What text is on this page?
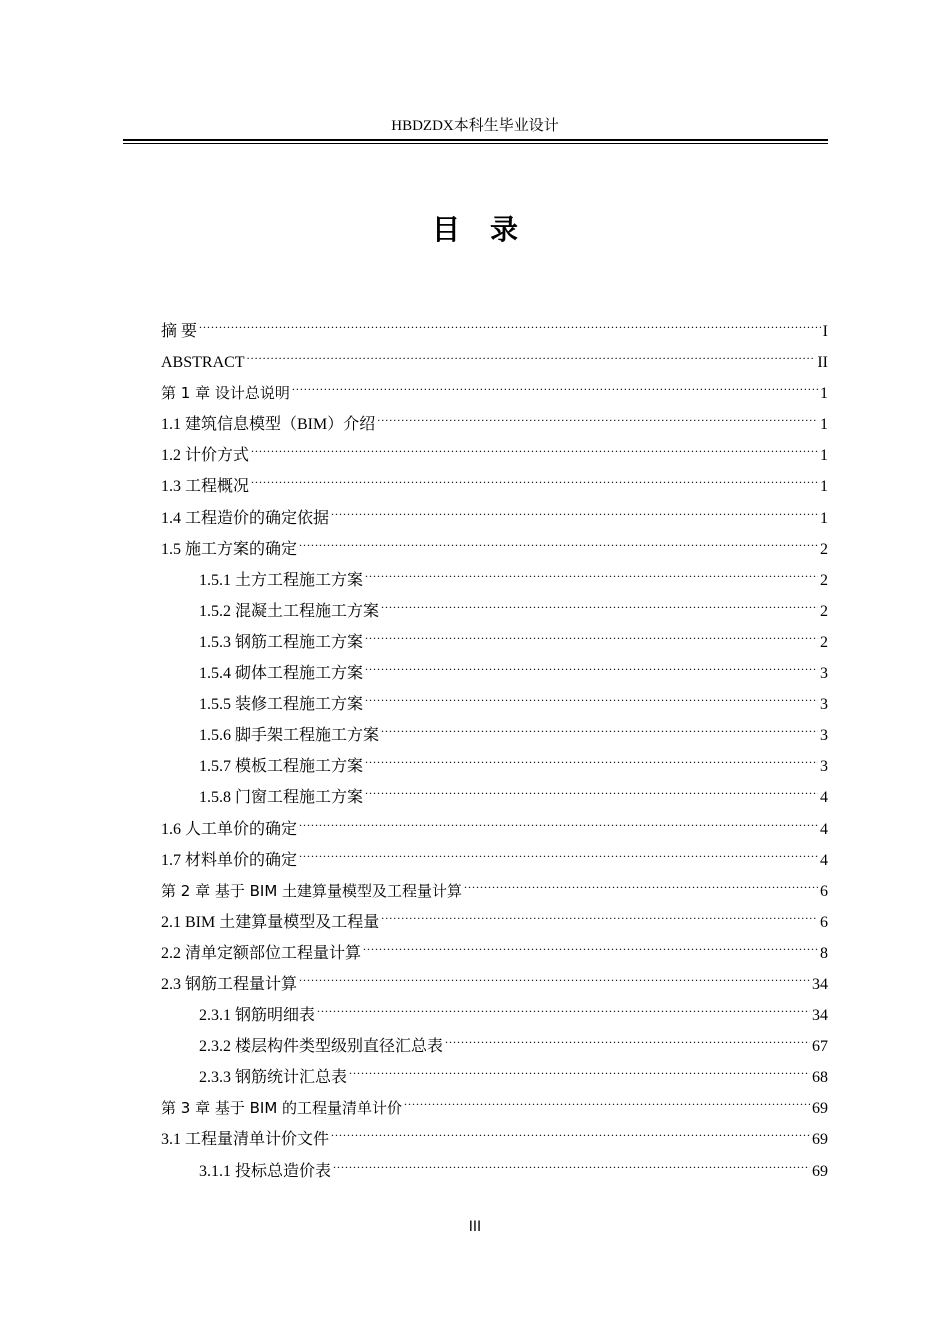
HBDZDX本科生毕业设计
目录
摘 要 .....	I
ABSTRACT .....	II
第 1 章 设计总说明 .....	1
1.1 建筑信息模型（BIM）介绍 .....	1
1.2 计价方式 .....	1
1.3 工程概况 .....	1
1.4 工程造价的确定依据 .....	1
1.5 施工方案的确定 .....	2
1.5.1 土方工程施工方案 .....	2
1.5.2 混凝土工程施工方案 .....	2
1.5.3 钢筋工程施工方案 .....	2
1.5.4 砌体工程施工方案 .....	3
1.5.5 装修工程施工方案 .....	3
1.5.6 脚手架工程施工方案 .....	3
1.5.7 模板工程施工方案 .....	3
1.5.8 门窗工程施工方案 .....	4
1.6 人工单价的确定 .....	4
1.7 材料单价的确定 .....	4
第 2 章 基于 BIM 土建算量模型及工程量计算 .....	6
2.1 BIM 土建算量模型及工程量 .....	6
2.2 清单定额部位工程量计算 .....	8
2.3 钢筋工程量计算 .....	34
2.3.1 钢筋明细表 .....	34
2.3.2 楼层构件类型级别直径汇总表 .....	67
2.3.3 钢筋统计汇总表 .....	68
第 3 章 基于 BIM 的工程量清单计价 .....	69
3.1 工程量清单计价文件 .....	69
3.1.1 投标总造价表 .....	69
III
